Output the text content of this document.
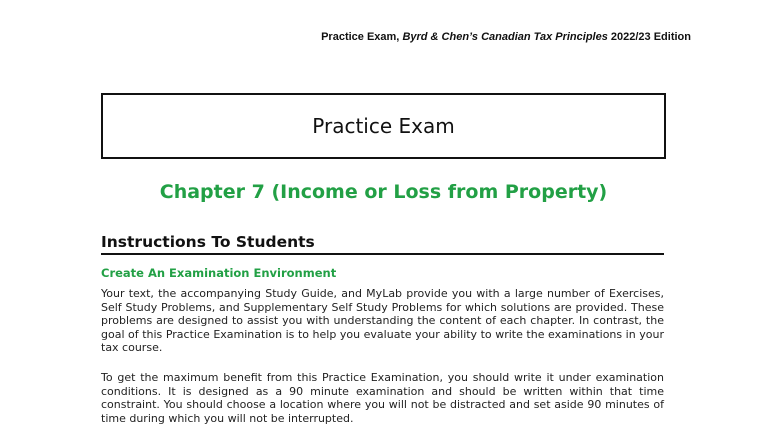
Practice Exam, Byrd & Chen’s Canadian Tax Principles 2022/23 Edition
Practice Exam
Chapter 7 (Income or Loss from Property)
Instructions To Students
Create An Examination Environment

Your text, the accompanying Study Guide, and MyLab provide you with a large number of Exercises, Self Study Problems, and Supplementary Self Study Problems for which solutions are provided. These problems are designed to assist you with understanding the content of each chapter. In contrast, the goal of this Practice Examination is to help you evaluate your ability to write the examinations in your tax course.

To get the maximum benefit from this Practice Examination, you should write it under examination conditions. It is designed as a 90 minute examination and should be written within that time constraint. You should choose a location where you will not be distracted and set aside 90 minutes of time during which you will not be interrupted.
